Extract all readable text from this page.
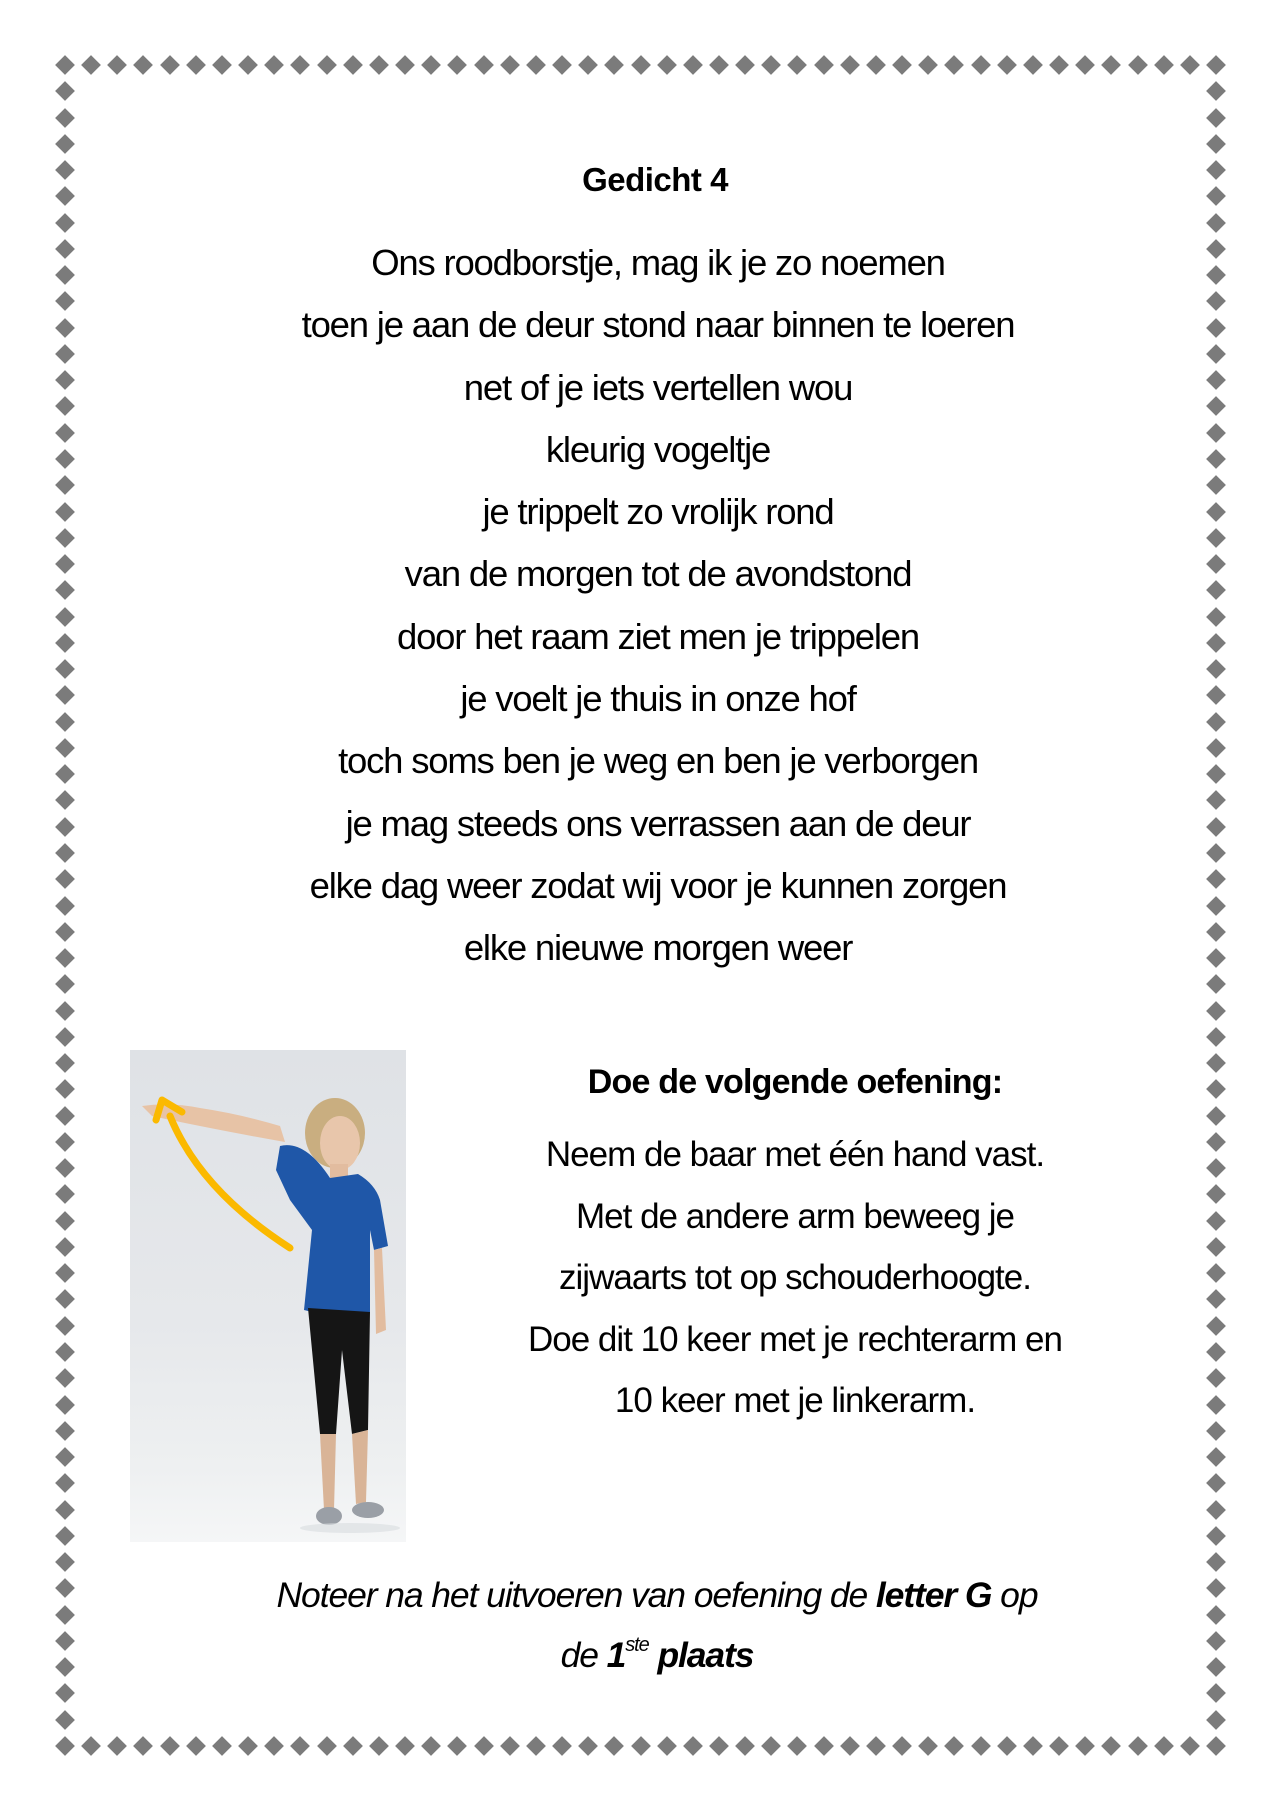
Gedicht 4
Ons roodborstje, mag ik je zo noemen
toen je aan de deur stond naar binnen te loeren
net of je iets vertellen wou
kleurig vogeltje
je trippelt zo vrolijk rond
van de morgen tot de avondstond
door het raam ziet men je trippelen
je voelt je thuis in onze hof
toch soms ben je weg en ben je verborgen
je mag steeds ons verrassen aan de deur
elke dag weer zodat wij voor je kunnen zorgen
elke nieuwe morgen weer
Doe de volgende oefening:
Neem de baar met één hand vast.
Met de andere arm beweeg je
zijwaarts tot op schouderhoogte.
Doe dit 10 keer met je rechterarm en
10 keer met je linkerarm.
Noteer na het uitvoeren van oefening de letter G op
de 1ste plaats
